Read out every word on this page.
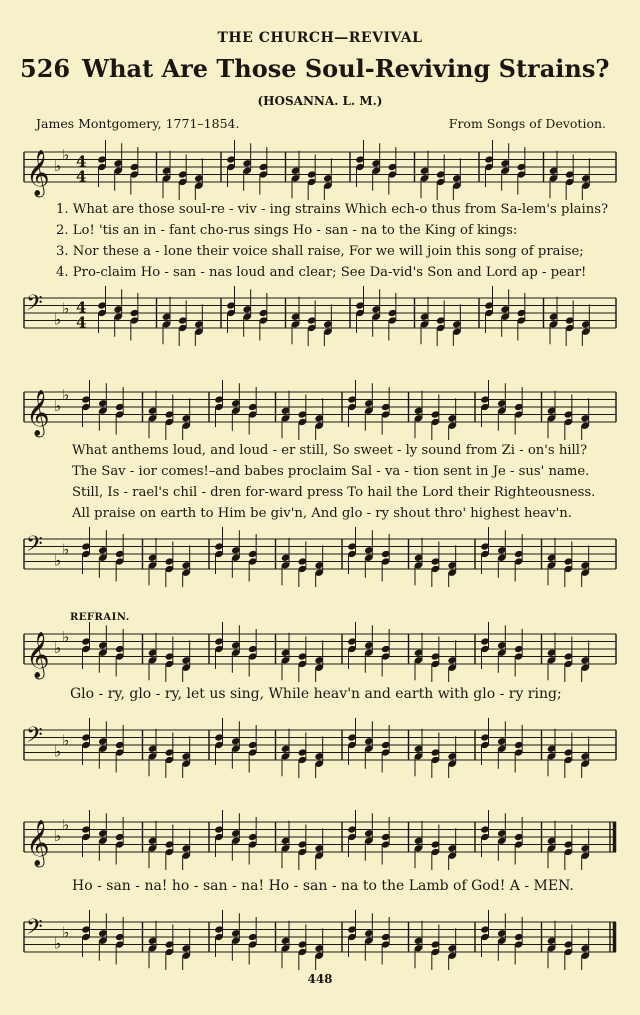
THE CHURCH—REVIVAL
526 What Are Those Soul-Reviving Strains?
(HOSANNA. L. M.)
James Montgomery, 1771–1854.	From Songs of Devotion.
𝄞 ♭
♭ 4
4
1. What are those soul-re - viv - ing strains Which ech-o thus from Sa-lem's plains?
2. Lo! 'tis an in - fant cho-rus sings Ho - san - na to the King of kings:
3. Nor these a - lone their voice shall raise, For we will join this song of praise;
4. Pro-claim Ho - san - nas loud and clear; See Da-vid's Son and Lord ap - pear!
𝄢 ♭
♭ 4
4
𝄞 ♭
♭
What anthems loud, and loud - er still, So sweet - ly sound from Zi - on's hill?
The Sav - ior comes!–and babes proclaim Sal - va - tion sent in Je - sus' name.
Still, Is - rael's chil - dren for-ward press To hail the Lord their Righteousness.
All praise on earth to Him be giv'n, And glo - ry shout thro' highest heav'n.
𝄢 ♭
♭
REFRAIN.
𝄞 ♭
♭
Glo - ry, glo - ry, let us sing, While heav'n and earth with glo - ry ring;
𝄢 ♭
♭
𝄞 ♭
♭
Ho - san - na! ho - san - na! Ho - san - na to the Lamb of God! A - MEN.
𝄢 ♭
♭
448
